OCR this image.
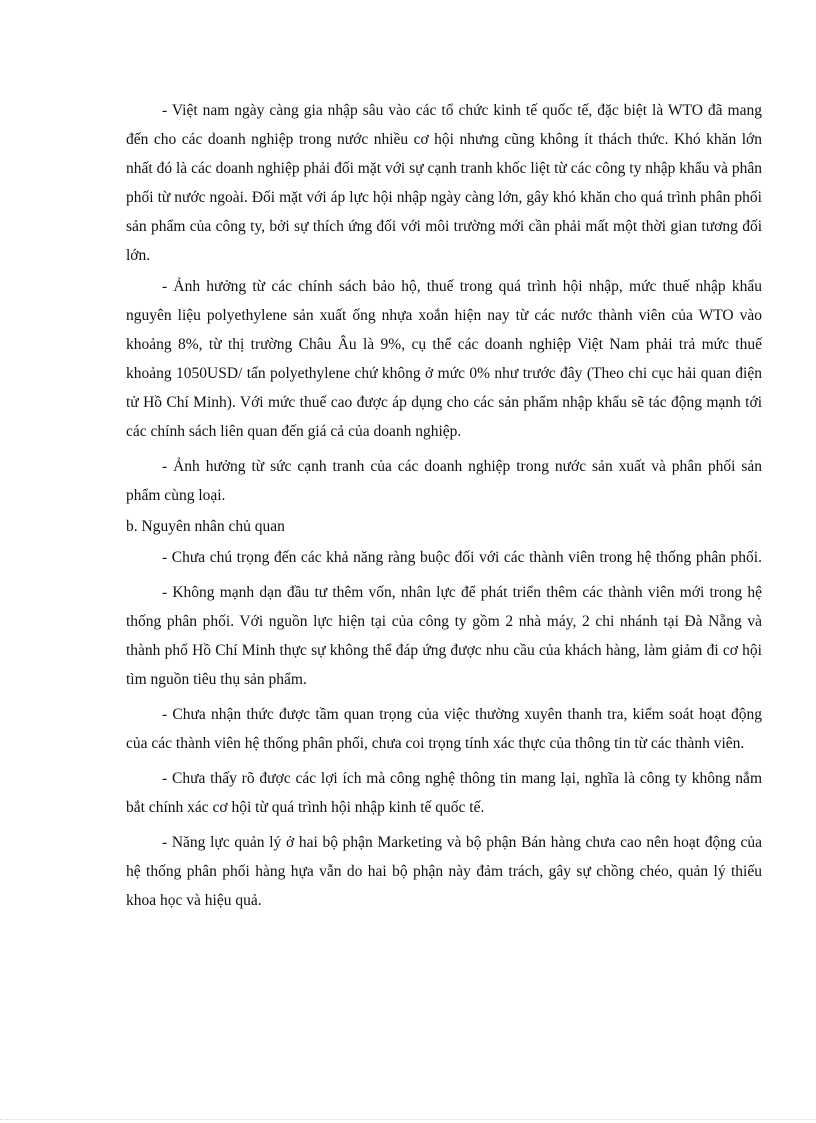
- Việt nam ngày càng gia nhập sâu vào các tổ chức kinh tế quốc tế, đặc biệt là WTO đã mang đến cho các doanh nghiệp trong nước nhiều cơ hội nhưng cũng không ít thách thức. Khó khăn lớn nhất đó là các doanh nghiệp phải đối mặt với sự cạnh tranh khốc liệt từ các công ty nhập khẩu và phân phối từ nước ngoài. Đối mặt với áp lực hội nhập ngày càng lớn, gây khó khăn cho quá trình phân phối sản phẩm của công ty, bởi sự thích ứng đối với môi trường mới cần phải mất một thời gian tương đối lớn.

- Ảnh hưởng từ các chính sách bảo hộ, thuế trong quá trình hội nhập, mức thuế nhập khẩu nguyên liệu polyethylene sản xuất ống nhựa xoắn hiện nay từ các nước thành viên của WTO vào khoảng 8%, từ thị trường Châu Âu là 9%, cụ thể các doanh nghiệp Việt Nam phải trả mức thuế khoảng 1050USD/ tấn polyethylene chứ không ở mức 0% như trước đây (Theo chi cục hải quan điện tử Hồ Chí Minh). Với mức thuế cao được áp dụng cho các sản phẩm nhập khẩu sẽ tác động mạnh tới các chính sách liên quan đến giá cả của doanh nghiệp.

- Ảnh hưởng từ sức cạnh tranh của các doanh nghiệp trong nước sản xuất và phân phối sản phẩm cùng loại.

b. Nguyên nhân chủ quan

- Chưa chú trọng đến các khả năng ràng buộc đối với các thành viên trong hệ thống phân phối.

- Không mạnh dạn đầu tư thêm vốn, nhân lực để phát triển thêm các thành viên mới trong hệ thống phân phối. Với nguồn lực hiện tại của công ty gồm 2 nhà máy, 2 chi nhánh tại Đà Nẵng và thành phố Hồ Chí Minh thực sự không thể đáp ứng được nhu cầu của khách hàng, làm giảm đi cơ hội tìm nguồn tiêu thụ sản phẩm.

- Chưa nhận thức được tầm quan trọng của việc thường xuyên thanh tra, kiểm soát hoạt động của các thành viên hệ thống phân phối, chưa coi trọng tính xác thực của thông tin từ các thành viên.

- Chưa thấy rõ được các lợi ích mà công nghệ thông tin mang lại, nghĩa là công ty không nắm bắt chính xác cơ hội từ quá trình hội nhập kinh tế quốc tế.

- Năng lực quản lý ở hai bộ phận Marketing và bộ phận Bán hàng chưa cao nên hoạt động của hệ thống phân phối hàng hựa vẫn do hai bộ phận này đảm trách, gây sự chồng chéo, quản lý thiếu khoa học và hiệu quả.
